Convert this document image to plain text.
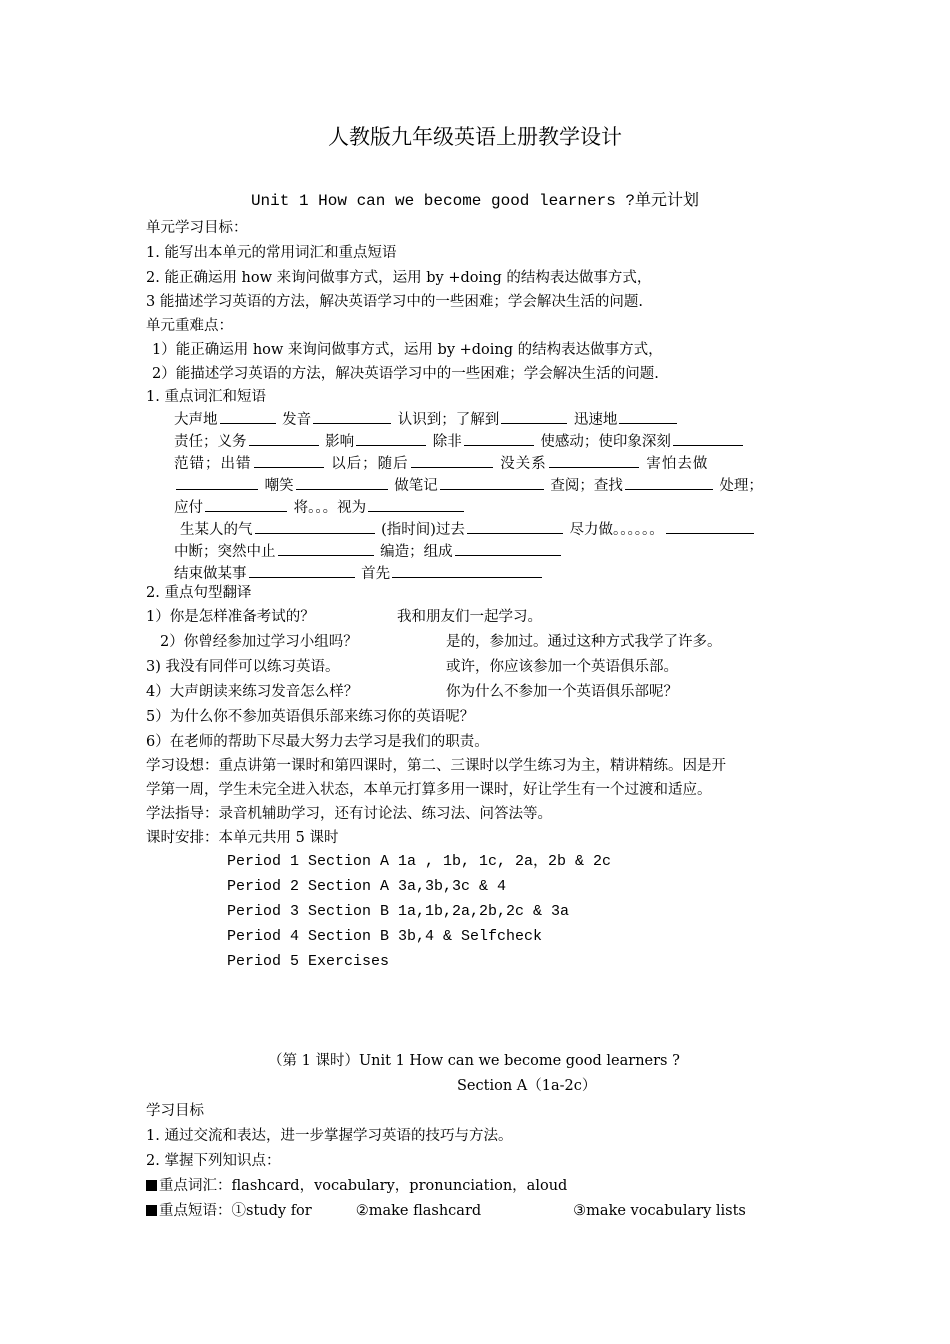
人教版九年级英语上册教学设计
Unit 1 How can we become good learners ?单元计划
单元学习目标：
1. 能写出本单元的常用词汇和重点短语
2. 能正确运用 how 来询问做事方式，运用 by +doing 的结构表达做事方式，
3 能描述学习英语的方法，解决英语学习中的一些困难；学会解决生活的问题.
单元重难点：
1）能正确运用 how 来询问做事方式，运用 by +doing 的结构表达做事方式，
2）能描述学习英语的方法，解决英语学习中的一些困难；学会解决生活的问题.
1. 重点词汇和短语
大声地	发音	认识到；了解到	迅速地
责任；义务	影响	除非	使感动；使印象深刻
范错；出错	以后；随后	没关系	害怕去做
嘲笑	做笔记	查阅；查找	处理；
应付	将。。。视为
生某人的气	(指时间)过去	尽力做。。。。。。
中断；突然中止	编造；组成
结束做某事	首先
2. 重点句型翻译
1）你是怎样准备考试的？	我和朋友们一起学习。
2）你曾经参加过学习小组吗？	是的，参加过。通过这种方式我学了许多。
3) 我没有同伴可以练习英语。	或许，你应该参加一个英语俱乐部。
4）大声朗读来练习发音怎么样？	你为什么不参加一个英语俱乐部呢？
5）为什么你不参加英语俱乐部来练习你的英语呢？
6）在老师的帮助下尽最大努力去学习是我们的职责。
学习设想：重点讲第一课时和第四课时，第二、三课时以学生练习为主，精讲精练。因是开
学第一周，学生未完全进入状态，本单元打算多用一课时，好让学生有一个过渡和适应。
学法指导：录音机辅助学习，还有讨论法、练习法、问答法等。
课时安排：本单元共用 5 课时
Period 1 Section A 1a , 1b, 1c, 2a，2b & 2c
Period 2 Section A 3a,3b,3c & 4
Period 3 Section B 1a,1b,2a,2b,2c & 3a
Period 4 Section B 3b,4 & Selfcheck
Period 5 Exercises
（第 1 课时）Unit 1 How can we become good learners ?
Section A（1a-2c）
学习目标
1. 通过交流和表达，进一步掌握学习英语的技巧与方法。
2. 掌握下列知识点：
重点词汇：flashcard，vocabulary，pronunciation，aloud
重点短语：①study for	②make flashcard	③make vocabulary lists
